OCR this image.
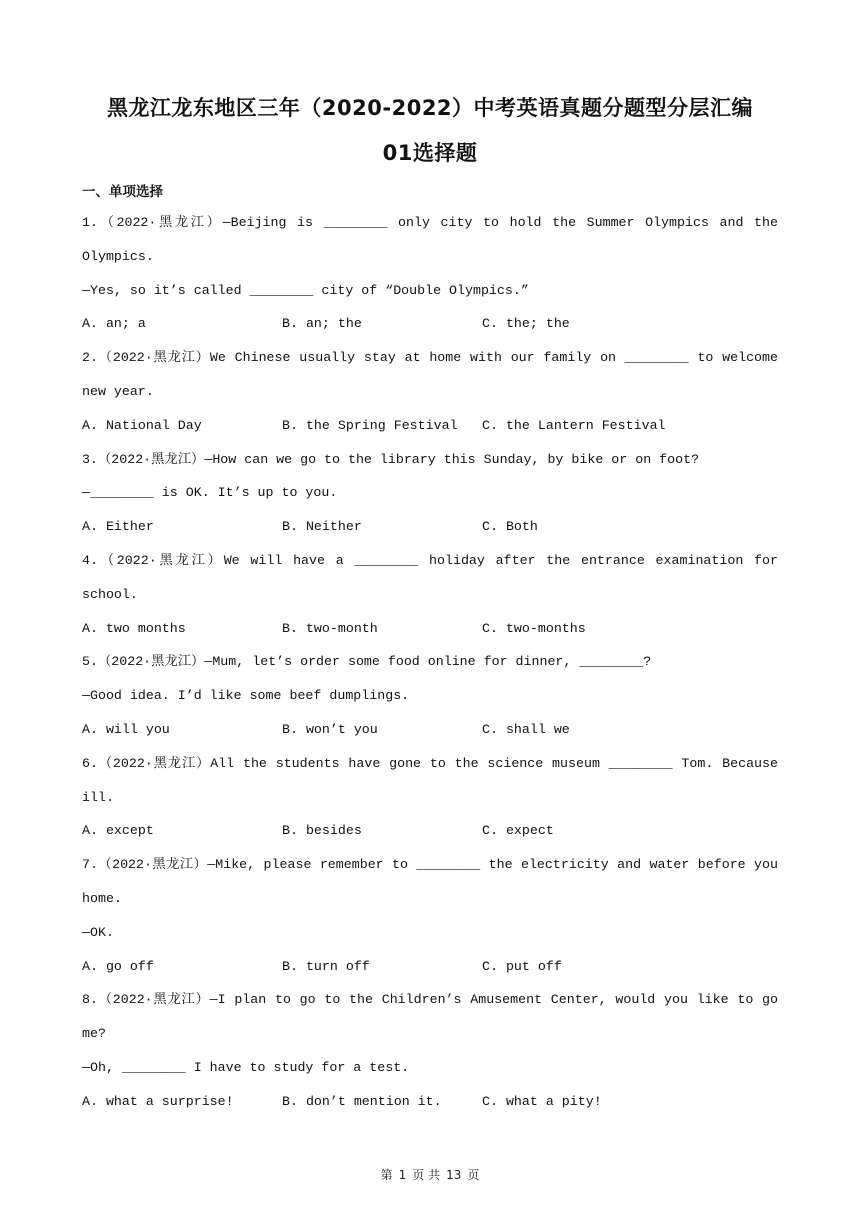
黑龙江龙东地区三年（2020-2022）中考英语真题分题型分层汇编
01选择题
一、单项选择
1.（2022·黑龙江）—Beijing is ________ only city to hold the Summer Olympics and the
Olympics.
—Yes, so it’s called ________ city of “Double Olympics.”
A. an; a	B. an; the	C. the; the
2.（2022·黑龙江）We Chinese usually stay at home with our family on ________ to welcome
new year.
A. National Day	B. the Spring Festival	C. the Lantern Festival
3.（2022·黑龙江）—How can we go to the library this Sunday, by bike or on foot?
—________ is OK. It’s up to you.
A. Either	B. Neither	C. Both
4.（2022·黑龙江）We will have a ________ holiday after the entrance examination for
school.
A. two months	B. two-month	C. two-months
5.（2022·黑龙江）—Mum, let’s order some food online for dinner, ________?
—Good idea. I’d like some beef dumplings.
A. will you	B. won’t you	C. shall we
6.（2022·黑龙江）All the students have gone to the science museum ________ Tom. Because
ill.
A. except	B. besides	C. expect
7.（2022·黑龙江）—Mike, please remember to ________ the electricity and water before you
home.
—OK.
A. go off	B. turn off	C. put off
8.（2022·黑龙江）—I plan to go to the Children’s Amusement Center, would you like to go
me?
—Oh, ________ I have to study for a test.
A. what a surprise!	B. don’t mention it.	C. what a pity!
第 1 页 共 13 页
